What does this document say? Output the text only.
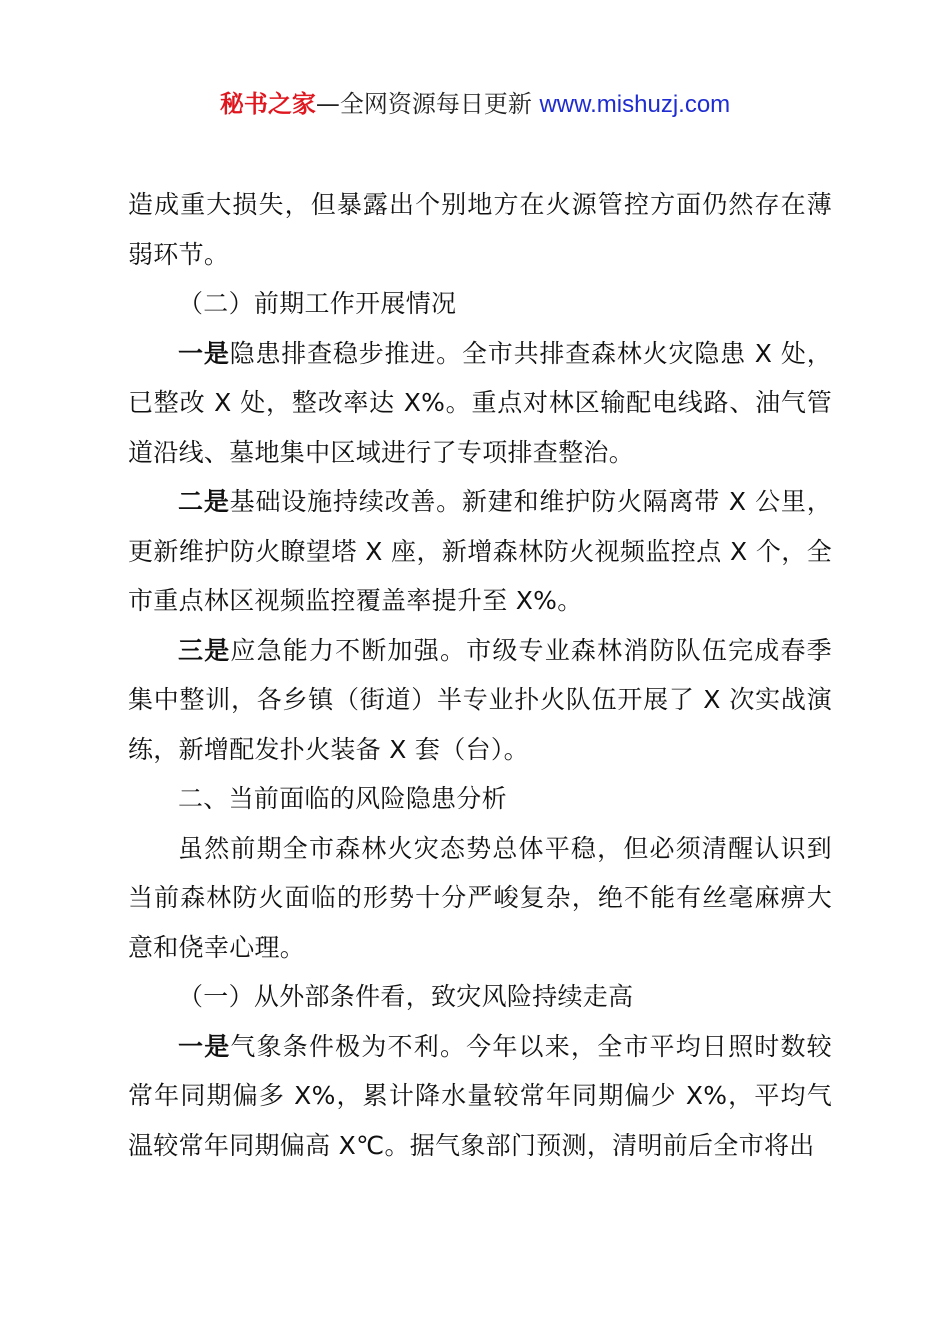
秘书之家—全网资源每日更新 www.mishuzj.com

造成重大损失，但暴露出个别地方在火源管控方面仍然存在薄弱环节。

（二）前期工作开展情况

一是隐患排查稳步推进。全市共排查森林火灾隐患 X 处，已整改 X 处，整改率达 X%。重点对林区输配电线路、油气管道沿线、墓地集中区域进行了专项排查整治。

二是基础设施持续改善。新建和维护防火隔离带 X 公里，更新维护防火瞭望塔 X 座，新增森林防火视频监控点 X 个，全市重点林区视频监控覆盖率提升至 X%。

三是应急能力不断加强。市级专业森林消防队伍完成春季集中整训，各乡镇（街道）半专业扑火队伍开展了 X 次实战演练，新增配发扑火装备 X 套（台）。

二、当前面临的风险隐患分析

虽然前期全市森林火灾态势总体平稳，但必须清醒认识到当前森林防火面临的形势十分严峻复杂，绝不能有丝毫麻痹大意和侥幸心理。

（一）从外部条件看，致灾风险持续走高

一是气象条件极为不利。今年以来，全市平均日照时数较常年同期偏多 X%，累计降水量较常年同期偏少 X%，平均气温较常年同期偏高 X℃。据气象部门预测，清明前后全市将出
